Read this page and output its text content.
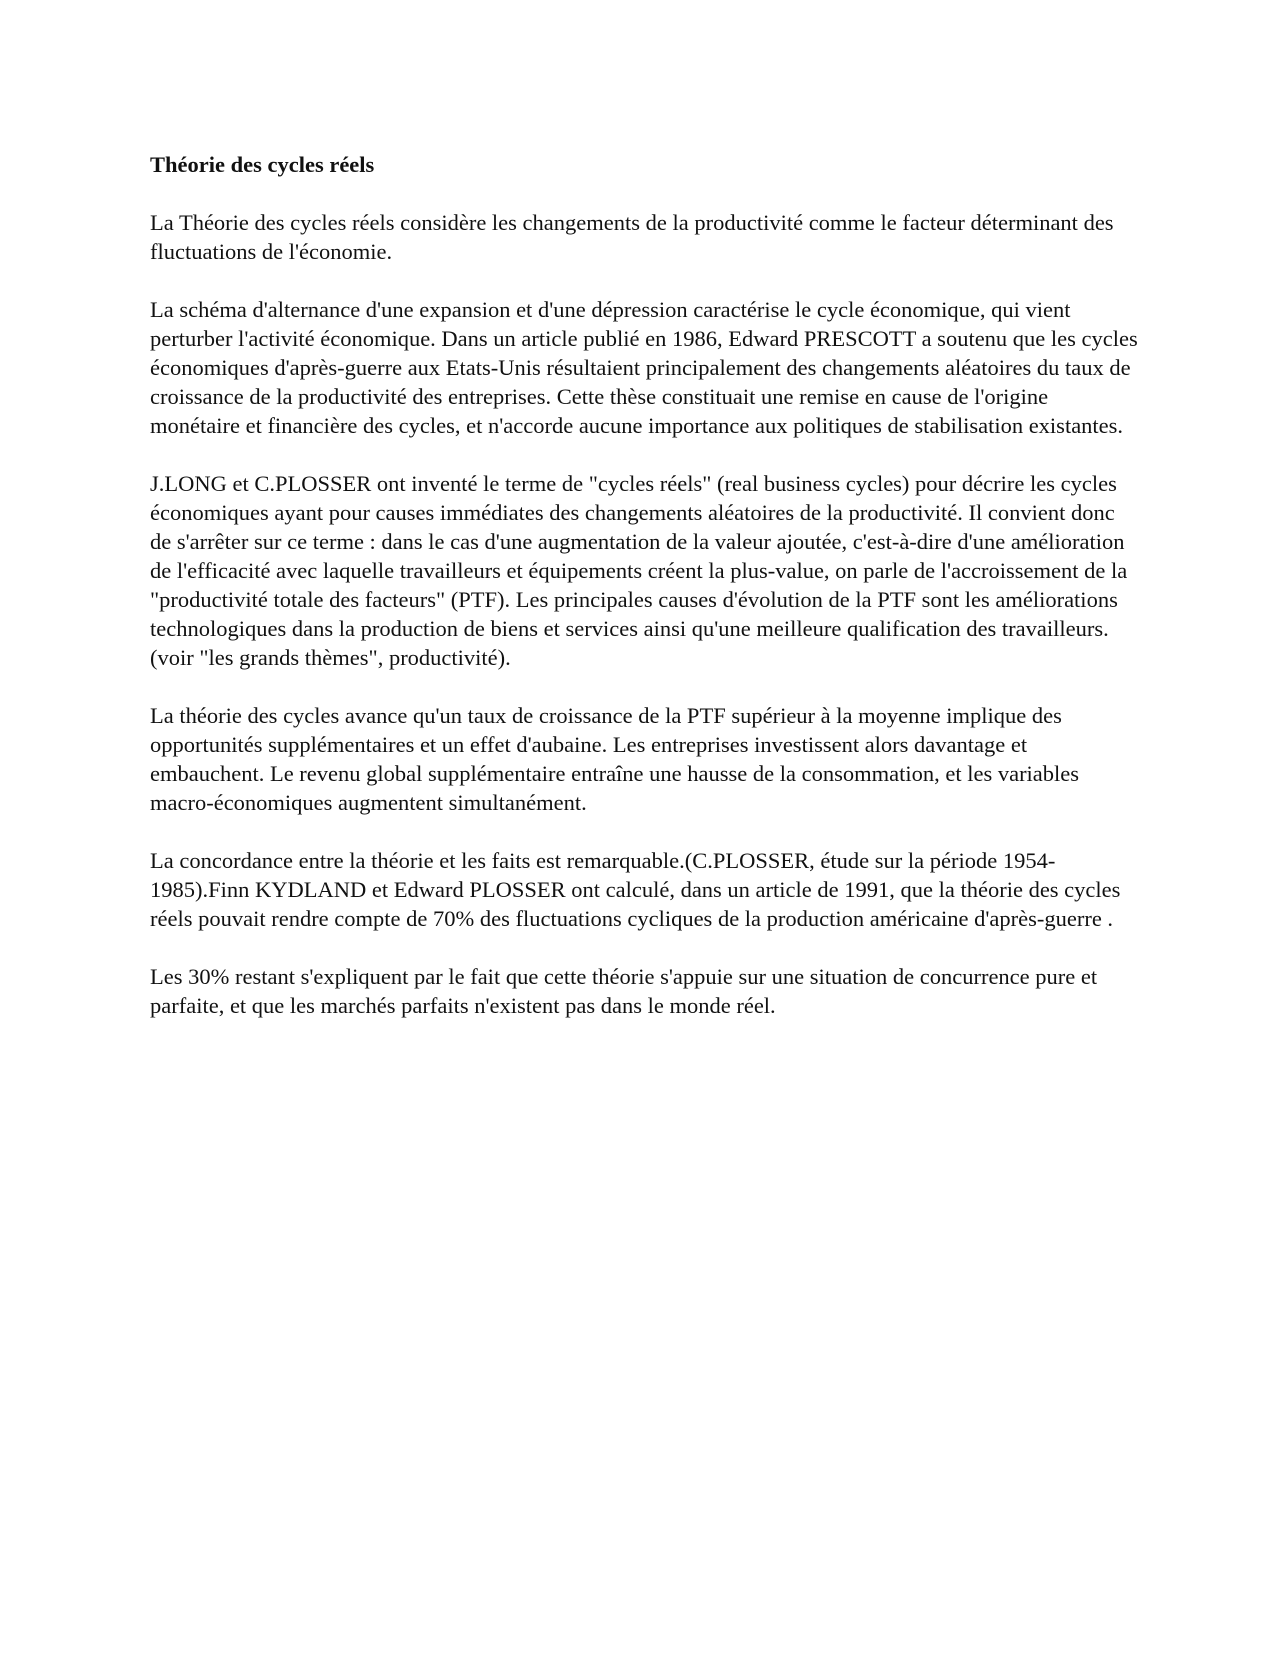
Théorie des cycles réels

La Théorie des cycles réels considère les changements de la productivité comme le facteur déterminant des fluctuations de l'économie.

La schéma d'alternance d'une expansion et d'une dépression caractérise le cycle économique, qui vient perturber l'activité économique. Dans un article publié en 1986, Edward PRESCOTT a soutenu que les cycles économiques d'après-guerre aux Etats-Unis résultaient principalement des changements aléatoires du taux de croissance de la productivité des entreprises. Cette thèse constituait une remise en cause de l'origine monétaire et financière des cycles, et n'accorde aucune importance aux politiques de stabilisation existantes.

J.LONG et C.PLOSSER ont inventé le terme de "cycles réels" (real business cycles) pour décrire les cycles économiques ayant pour causes immédiates des changements aléatoires de la productivité. Il convient donc de s'arrêter sur ce terme : dans le cas d'une augmentation de la valeur ajoutée, c'est-à-dire d'une amélioration de l'efficacité avec laquelle travailleurs et équipements créent la plus-value, on parle de l'accroissement de la "productivité totale des facteurs" (PTF). Les principales causes d'évolution de la PTF sont les améliorations technologiques dans la production de biens et services ainsi qu'une meilleure qualification des travailleurs.(voir "les grands thèmes", productivité).

La théorie des cycles avance qu'un taux de croissance de la PTF supérieur à la moyenne implique des opportunités supplémentaires et un effet d'aubaine. Les entreprises investissent alors davantage et embauchent. Le revenu global supplémentaire entraîne une hausse de la consommation, et les variables macro-économiques augmentent simultanément.

La concordance entre la théorie et les faits est remarquable.(C.PLOSSER, étude sur la période 1954-1985).Finn KYDLAND et Edward PLOSSER ont calculé, dans un article de 1991, que la théorie des cycles réels pouvait rendre compte de 70% des fluctuations cycliques de la production américaine d'après-guerre .

Les 30% restant s'expliquent par le fait que cette théorie s'appuie sur une situation de concurrence pure et parfaite, et que les marchés parfaits n'existent pas dans le monde réel.
